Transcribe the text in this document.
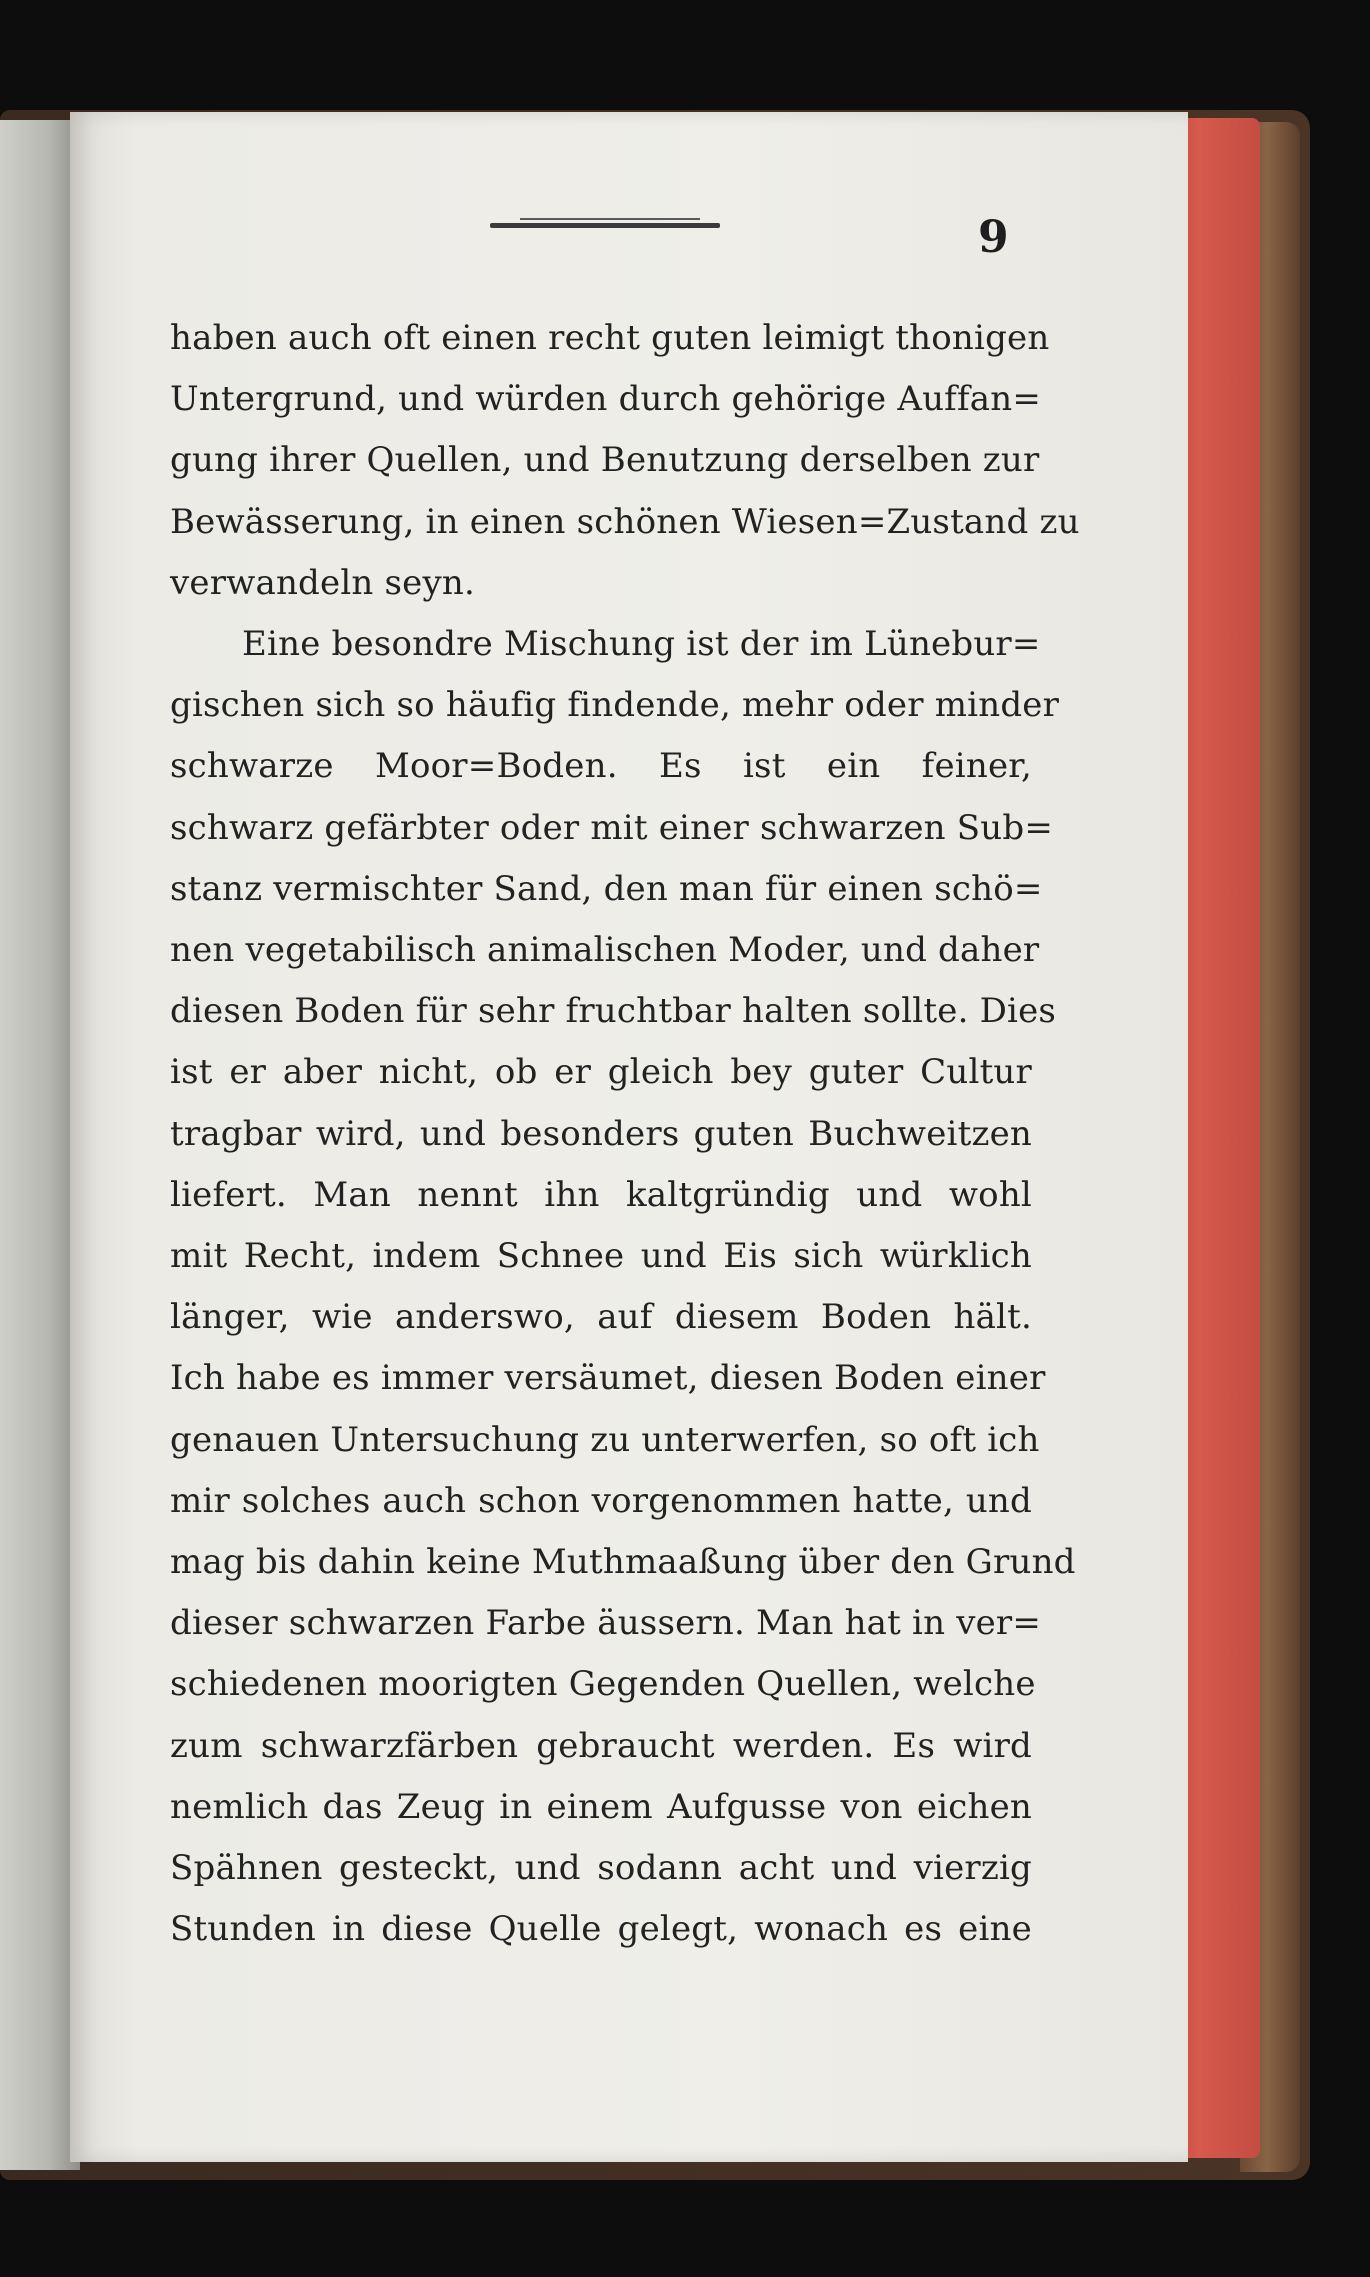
9
haben auch oft einen recht guten leimigt thonigen
Untergrund, und würden durch gehörige Auffan=
gung ihrer Quellen, und Benutzung derselben zur
Bewässerung, in einen schönen Wiesen=Zustand zu
verwandeln seyn.
Eine besondre Mischung ist der im Lünebur=
gischen sich so häufig findende, mehr oder minder
schwarze Moor=Boden. Es ist ein feiner,
schwarz gefärbter oder mit einer schwarzen Sub=
stanz vermischter Sand, den man für einen schö=
nen vegetabilisch animalischen Moder, und daher
diesen Boden für sehr fruchtbar halten sollte. Dies
ist er aber nicht, ob er gleich bey guter Cultur
tragbar wird, und besonders guten Buchweitzen
liefert. Man nennt ihn kaltgründig und wohl
mit Recht, indem Schnee und Eis sich würklich
länger, wie anderswo, auf diesem Boden hält.
Ich habe es immer versäumet, diesen Boden einer
genauen Untersuchung zu unterwerfen, so oft ich
mir solches auch schon vorgenommen hatte, und
mag bis dahin keine Muthmaaßung über den Grund
dieser schwarzen Farbe äussern. Man hat in ver=
schiedenen moorigten Gegenden Quellen, welche
zum schwarzfärben gebraucht werden. Es wird
nemlich das Zeug in einem Aufgusse von eichen
Spähnen gesteckt, und sodann acht und vierzig
Stunden in diese Quelle gelegt, wonach es eine
